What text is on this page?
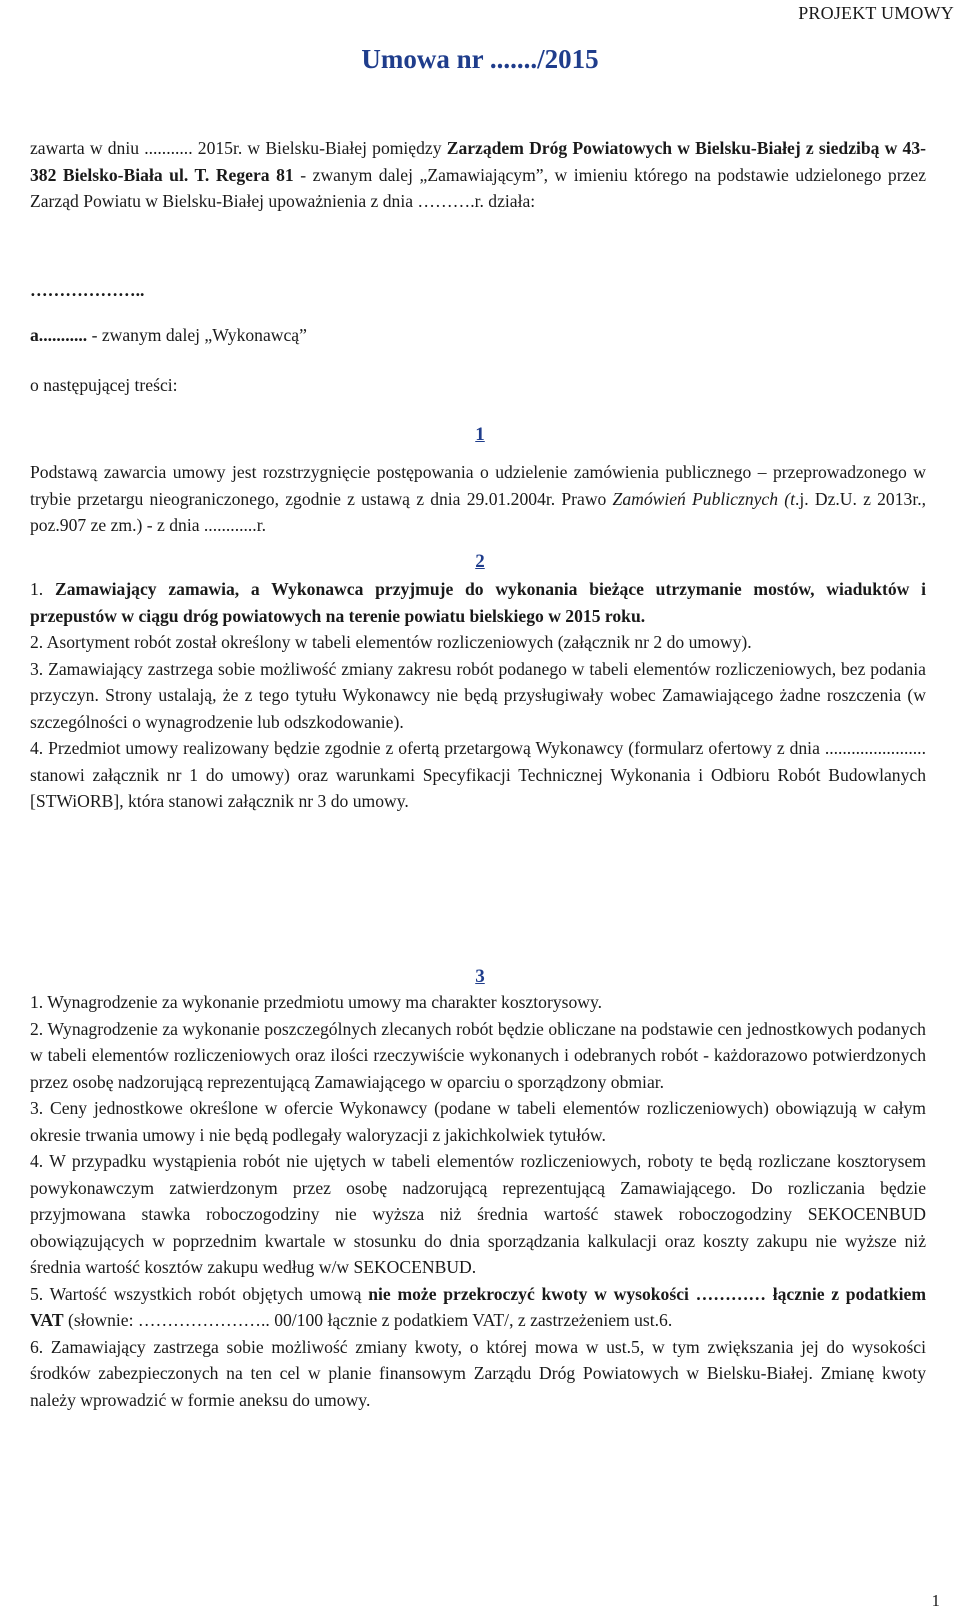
PROJEKT UMOWY
Umowa nr ......./2015
zawarta w dniu ........... 2015r. w Bielsku-Białej pomiędzy Zarządem Dróg Powiatowych w Bielsku-Białej z siedzibą w 43-382 Bielsko-Biała ul. T. Regera 81 - zwanym dalej „Zamawiającym”, w imieniu którego na podstawie udzielonego przez Zarząd Powiatu w Bielsku-Białej upoważnienia z dnia ……….r. działa:
………………..
a........... - zwanym dalej „Wykonawcą”
o następującej treści:
1
Podstawą zawarcia umowy jest rozstrzygnięcie postępowania o udzielenie zamówienia publicznego – przeprowadzonego w trybie przetargu nieograniczonego, zgodnie z ustawą z dnia 29.01.2004r. Prawo Zamówień Publicznych (t.j. Dz.U. z 2013r., poz.907 ze zm.) - z dnia ............r.
2
1. Zamawiający zamawia, a Wykonawca przyjmuje do wykonania bieżące utrzymanie mostów, wiaduktów i przepustów w ciągu dróg powiatowych na terenie powiatu bielskiego w 2015 roku.
2. Asortyment robót został określony w tabeli elementów rozliczeniowych (załącznik nr 2 do umowy).
3. Zamawiający zastrzega sobie możliwość zmiany zakresu robót podanego w tabeli elementów rozliczeniowych, bez podania przyczyn. Strony ustalają, że z tego tytułu Wykonawcy nie będą przysługiwały wobec Zamawiającego żadne roszczenia (w szczególności o wynagrodzenie lub odszkodowanie).
4. Przedmiot umowy realizowany będzie zgodnie z ofertą przetargową Wykonawcy (formularz ofertowy z dnia ....................... stanowi załącznik nr 1 do umowy) oraz warunkami Specyfikacji Technicznej Wykonania i Odbioru Robót Budowlanych [STWiORB], która stanowi załącznik nr 3 do umowy.
3
1. Wynagrodzenie za wykonanie przedmiotu umowy ma charakter kosztorysowy.
2. Wynagrodzenie za wykonanie poszczególnych zlecanych robót będzie obliczane na podstawie cen jednostkowych podanych w tabeli elementów rozliczeniowych oraz ilości rzeczywiście wykonanych i odebranych robót - każdorazowo potwierdzonych przez osobę nadzorującą reprezentującą Zamawiającego w oparciu o sporządzony obmiar.
3. Ceny jednostkowe określone w ofercie Wykonawcy (podane w tabeli elementów rozliczeniowych) obowiązują w całym okresie trwania umowy i nie będą podlegały waloryzacji z jakichkolwiek tytułów.
4. W przypadku wystąpienia robót nie ujętych w tabeli elementów rozliczeniowych, roboty te będą rozliczane kosztorysem powykonawczym zatwierdzonym przez osobę nadzorującą reprezentującą Zamawiającego. Do rozliczania będzie przyjmowana stawka roboczogodziny nie wyższa niż średnia wartość stawek roboczogodziny SEKOCENBUD obowiązujących w poprzednim kwartale w stosunku do dnia sporządzania kalkulacji oraz koszty zakupu nie wyższe niż średnia wartość kosztów zakupu według w/w SEKOCENBUD.
5. Wartość wszystkich robót objętych umową nie może przekroczyć kwoty w wysokości ………… łącznie z podatkiem VAT (słownie: ………………….. 00/100 łącznie z podatkiem VAT/, z zastrzeżeniem ust.6.
6. Zamawiający zastrzega sobie możliwość zmiany kwoty, o której mowa w ust.5, w tym zwiększania jej do wysokości środków zabezpieczonych na ten cel w planie finansowym Zarządu Dróg Powiatowych w Bielsku-Białej. Zmianę kwoty należy wprowadzić w formie aneksu do umowy.
1
